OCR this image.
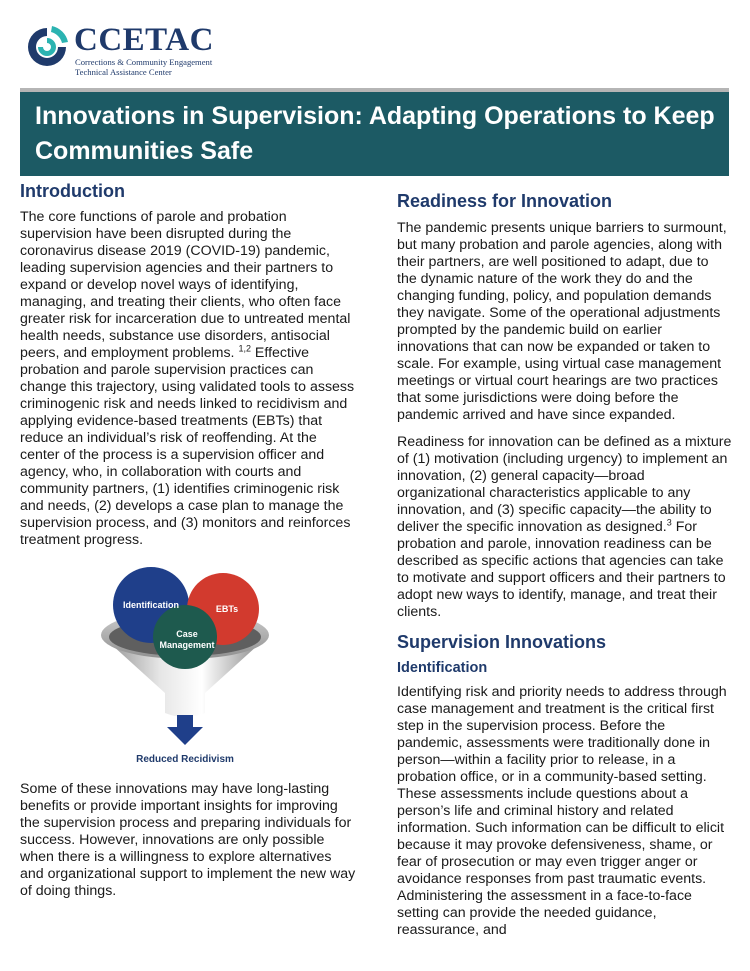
CCETAC
Corrections & Community Engagement
Technical Assistance Center
Innovations in Supervision: Adapting Operations to Keep Communities Safe
Introduction

The core functions of parole and probation supervision have been disrupted during the coronavirus disease 2019 (COVID-19) pandemic, leading supervision agencies and their partners to expand or develop novel ways of identifying, managing, and treating their clients, who often face greater risk for incarceration due to untreated mental health needs, substance use disorders, antisocial peers, and employment problems. $^{1,2}$ Effective probation and parole supervision practices can change this trajectory, using validated tools to assess criminogenic risk and needs linked to recidivism and applying evidence-based treatments (EBTs) that reduce an individual’s risk of reoffending. At the center of the process is a supervision officer and agency, who, in collaboration with courts and community partners, (1) identifies criminogenic risk and needs, (2) develops a case plan to manage the supervision process, and (3) monitors and reinforces treatment progress.

Some of these innovations may have long-lasting benefits or provide important insights for improving the supervision process and preparing individuals for success. However, innovations are only possible when there is a willingness to explore alternatives and organizational support to implement the new way of doing things.

Identification	EBTs
Case
Management
Reduced Recidivism
Readiness for Innovation

The pandemic presents unique barriers to surmount, but many probation and parole agencies, along with their partners, are well positioned to adapt, due to the dynamic nature of the work they do and the changing funding, policy, and population demands they navigate. Some of the operational adjustments prompted by the pandemic build on earlier innovations that can now be expanded or taken to scale. For example, using virtual case management meetings or virtual court hearings are two practices that some jurisdictions were doing before the pandemic arrived and have since expanded.

Readiness for innovation can be defined as a mixture of (1) motivation (including urgency) to implement an innovation, (2) general capacity—broad organizational characteristics applicable to any innovation, and (3) specific capacity—the ability to deliver the specific innovation as designed.$^3$ For probation and parole, innovation readiness can be described as specific actions that agencies can take to motivate and support officers and their partners to adopt new ways to identify, manage, and treat their clients.

Supervision Innovations
Identification

Identifying risk and priority needs to address through case management and treatment is the critical first step in the supervision process. Before the pandemic, assessments were traditionally done in person—within a facility prior to release, in a probation office, or in a community-based setting. These assessments include questions about a person’s life and criminal history and related information. Such information can be difficult to elicit because it may provoke defensiveness, shame, or fear of prosecution or may even trigger anger or avoidance responses from past traumatic events. Administering the assessment in a face-to-face setting can provide the needed guidance, reassurance, and
